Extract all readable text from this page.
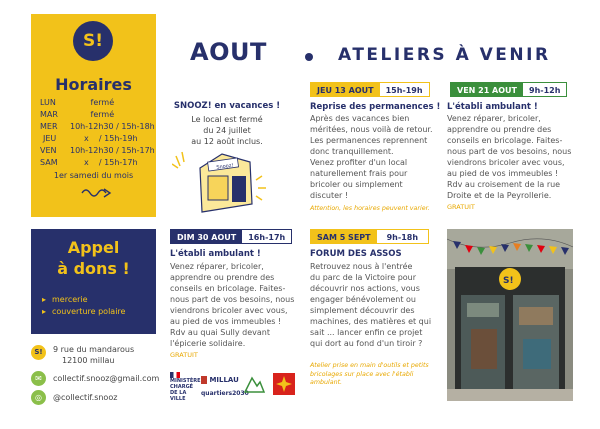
S!
Horaires
LUN	fermé
MAR	fermé
MER 10h-12h30 / 15h-18h
JEU	x    / 15h-19h
VEN 10h-12h30 / 15h-17h
SAM	x    / 15h-17h
1er samedi du mois
Appel
à dons !
▸ mercerie
▸ couverture polaire
S!	9 rue du mandarous
12100 millau
✉	collectif.snooz@gmail.com
◎	@collectif.snooz
AOUT	ATELIERS À VENIR
SNOOZ! en vacances !
Le local est fermé
du 24 juillet
au 12 août inclus.
Snooz!
JEU 13 AOUT	15h-19h
Reprise des permanences !
Après des vacances bien
méritées, nous voilà de retour.
Les permanences reprennent
donc tranquillement.
Venez profiter d'un local
naturellement frais pour
bricoler ou simplement
discuter !
Attention, les horaires peuvent varier.
VEN 21 AOUT	9h-12h
L'établi ambulant !
Venez réparer, bricoler,
apprendre ou prendre des
conseils en bricolage. Faites-
nous part de vos besoins, nous
viendrons bricoler avec vous,
au pied de vos immeubles !
Rdv au croisement de la rue
Droite et de la Peyrollerie.
GRATUIT
DIM 30 AOUT	16h-17h
L'établi ambulant !
Venez réparer, bricoler,
apprendre ou prendre des
conseils en bricolage. Faites-
nous part de vos besoins, nous
viendrons bricoler avec vous,
au pied de vos immeubles !
Rdv au quai Sully devant
l'épicerie solidaire.
GRATUIT
SAM 5 SEPT	9h-18h
FORUM DES ASSOS
Retrouvez nous à l'entrée
du parc de la Victoire pour
découvrir nos actions, vous
engager bénévolement ou
simplement découvrir des
machines, des matières et qui
sait ... lancer enfin ce projet
qui dort au fond d'un tiroir ?
Atelier prise en main d'outils et petits
bricolages sur place avec l'établi
ambulant.
MINISTÈRE
CHARGÉ
DE LA VILLE
MILLAU
quartiers2030
S!
